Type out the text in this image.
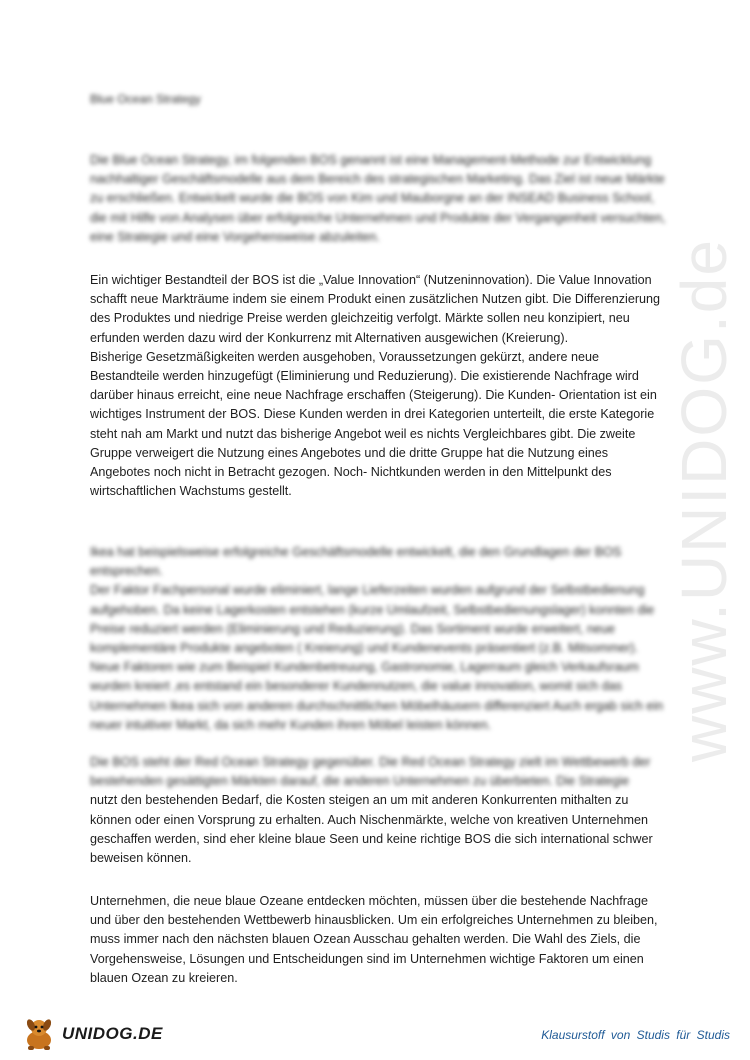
www.UNIDOG.de
Blue Ocean Strategy

Die Blue Ocean Strategy, im folgenden BOS genannt ist eine Management-Methode zur Entwicklung nachhaltiger Geschäftsmodelle aus dem Bereich des strategischen Marketing. Das Ziel ist neue Märkte zu erschließen. Entwickelt wurde die BOS von Kim und Mauborgne an der INSEAD Business School, die mit Hilfe von Analysen über erfolgreiche Unternehmen und Produkte der Vergangenheit versuchten, eine Strategie und eine Vorgehensweise abzuleiten.

Ein wichtiger Bestandteil der BOS ist die „Value Innovation“ (Nutzeninnovation). Die Value Innovation schafft neue Markträume indem sie einem Produkt einen zusätzlichen Nutzen gibt. Die Differenzierung des Produktes und niedrige Preise werden gleichzeitig verfolgt. Märkte sollen neu konzipiert, neu erfunden werden dazu wird der Konkurrenz mit Alternativen ausgewichen (Kreierung).

Bisherige Gesetzmäßigkeiten werden ausgehoben, Voraussetzungen gekürzt, andere neue Bestandteile werden hinzugefügt (Eliminierung und Reduzierung). Die existierende Nachfrage wird darüber hinaus erreicht, eine neue Nachfrage erschaffen (Steigerung). Die Kunden- Orientation ist ein wichtiges Instrument der BOS. Diese Kunden werden in drei Kategorien unterteilt, die erste Kategorie steht nah am Markt und nutzt das bisherige Angebot weil es nichts Vergleichbares gibt. Die zweite Gruppe verweigert die Nutzung eines Angebotes und die dritte Gruppe hat die Nutzung eines Angebotes noch nicht in Betracht gezogen. Noch- Nichtkunden werden in den Mittelpunkt des wirtschaftlichen Wachstums gestellt.

Ikea hat beispielsweise erfolgreiche Geschäftsmodelle entwickelt, die den Grundlagen der BOS entsprechen.

Der Faktor Fachpersonal wurde eliminiert, lange Lieferzeiten wurden aufgrund der Selbstbedienung aufgehoben. Da keine Lagerkosten entstehen (kurze Umlaufzeit, Selbstbedienungslager) konnten die Preise reduziert werden (Eliminierung und Reduzierung). Das Sortiment wurde erweitert, neue komplementäre Produkte angeboten ( Kreierung) und Kundenevents präsentiert (z.B. Mitsommer). Neue Faktoren wie zum Beispiel Kundenbetreuung, Gastronomie, Lagerraum gleich Verkaufsraum wurden kreiert ,es entstand ein besonderer Kundennutzen, die value innovation, womit sich das Unternehmen Ikea sich von anderen durchschnittlichen Möbelhäusern differenziert Auch ergab sich ein neuer intuitiver Markt, da sich mehr Kunden ihren Möbel leisten können.

Die BOS steht der Red Ocean Strategy gegenüber. Die Red Ocean Strategy zielt im Wettbewerb der bestehenden gesättigten Märkten darauf, die anderen Unternehmen zu überbieten. Die Strategie

nutzt den bestehenden Bedarf, die Kosten steigen an um mit anderen Konkurrenten mithalten zu können oder einen Vorsprung zu erhalten. Auch Nischenmärkte, welche von kreativen Unternehmen geschaffen werden, sind eher kleine blaue Seen und keine richtige BOS die sich international schwer beweisen können.

Unternehmen, die neue blaue Ozeane entdecken möchten, müssen über die bestehende Nachfrage und über den bestehenden Wettbewerb hinausblicken. Um ein erfolgreiches Unternehmen zu bleiben, muss immer nach den nächsten blauen Ozean Ausschau gehalten werden. Die Wahl des Ziels, die Vorgehensweise, Lösungen und Entscheidungen sind im Unternehmen wichtige Faktoren um einen blauen Ozean zu kreieren.

UNIDOG.DE	Klausurstoff von Studis für Studis
